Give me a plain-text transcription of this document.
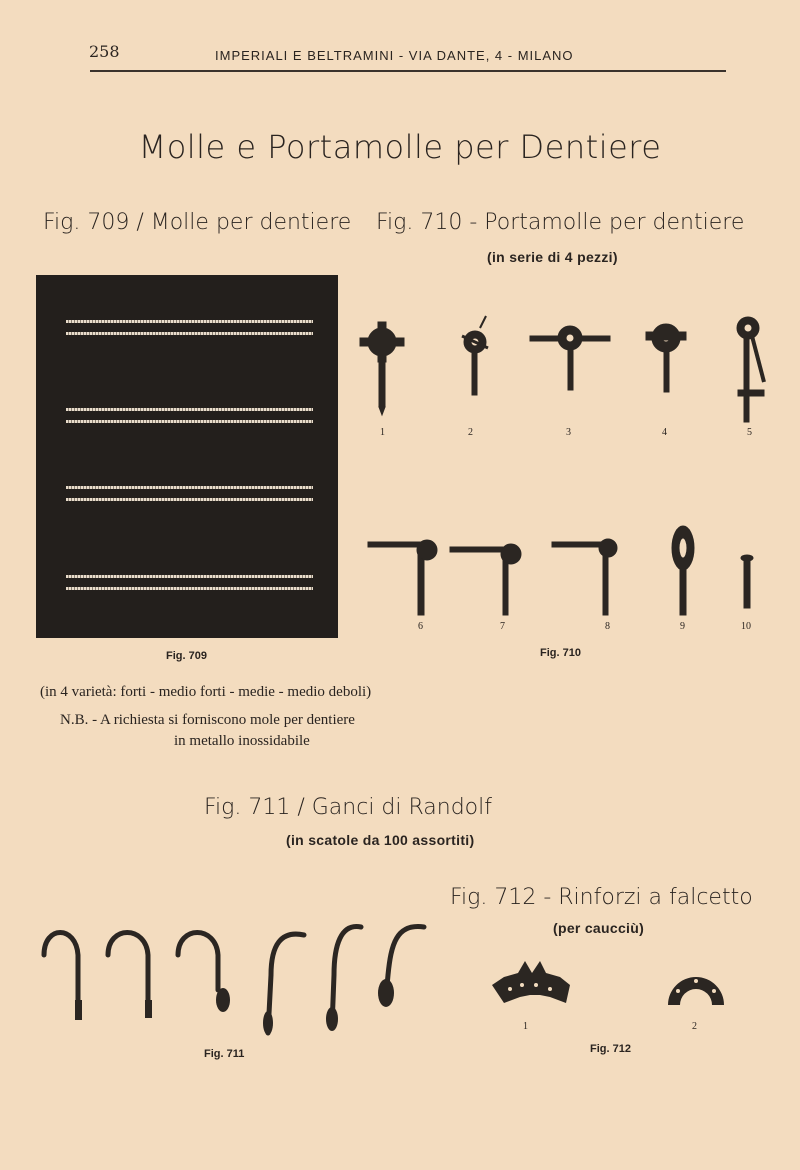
258	IMPERIALI E BELTRAMINI - VIA DANTE, 4 - MILANO
Molle e Portamolle per Dentiere
Fig. 709 / Molle per dentiere Fig. 710 - Portamolle per dentiere
(in serie di 4 pezzi)
Fig. 709
1	2	3	4	5
6	7	8	9	10
Fig. 710
(in 4 varietà: forti - medio forti - medie - medio deboli)
N.B. - A richiesta si forniscono mole per dentiere
in metallo inossidabile
Fig. 711 / Ganci di Randolf
(in scatole da 100 assortiti)
Fig. 711
Fig. 712 - Rinforzi a falcetto
(per caucciù)
1	2
Fig. 712
